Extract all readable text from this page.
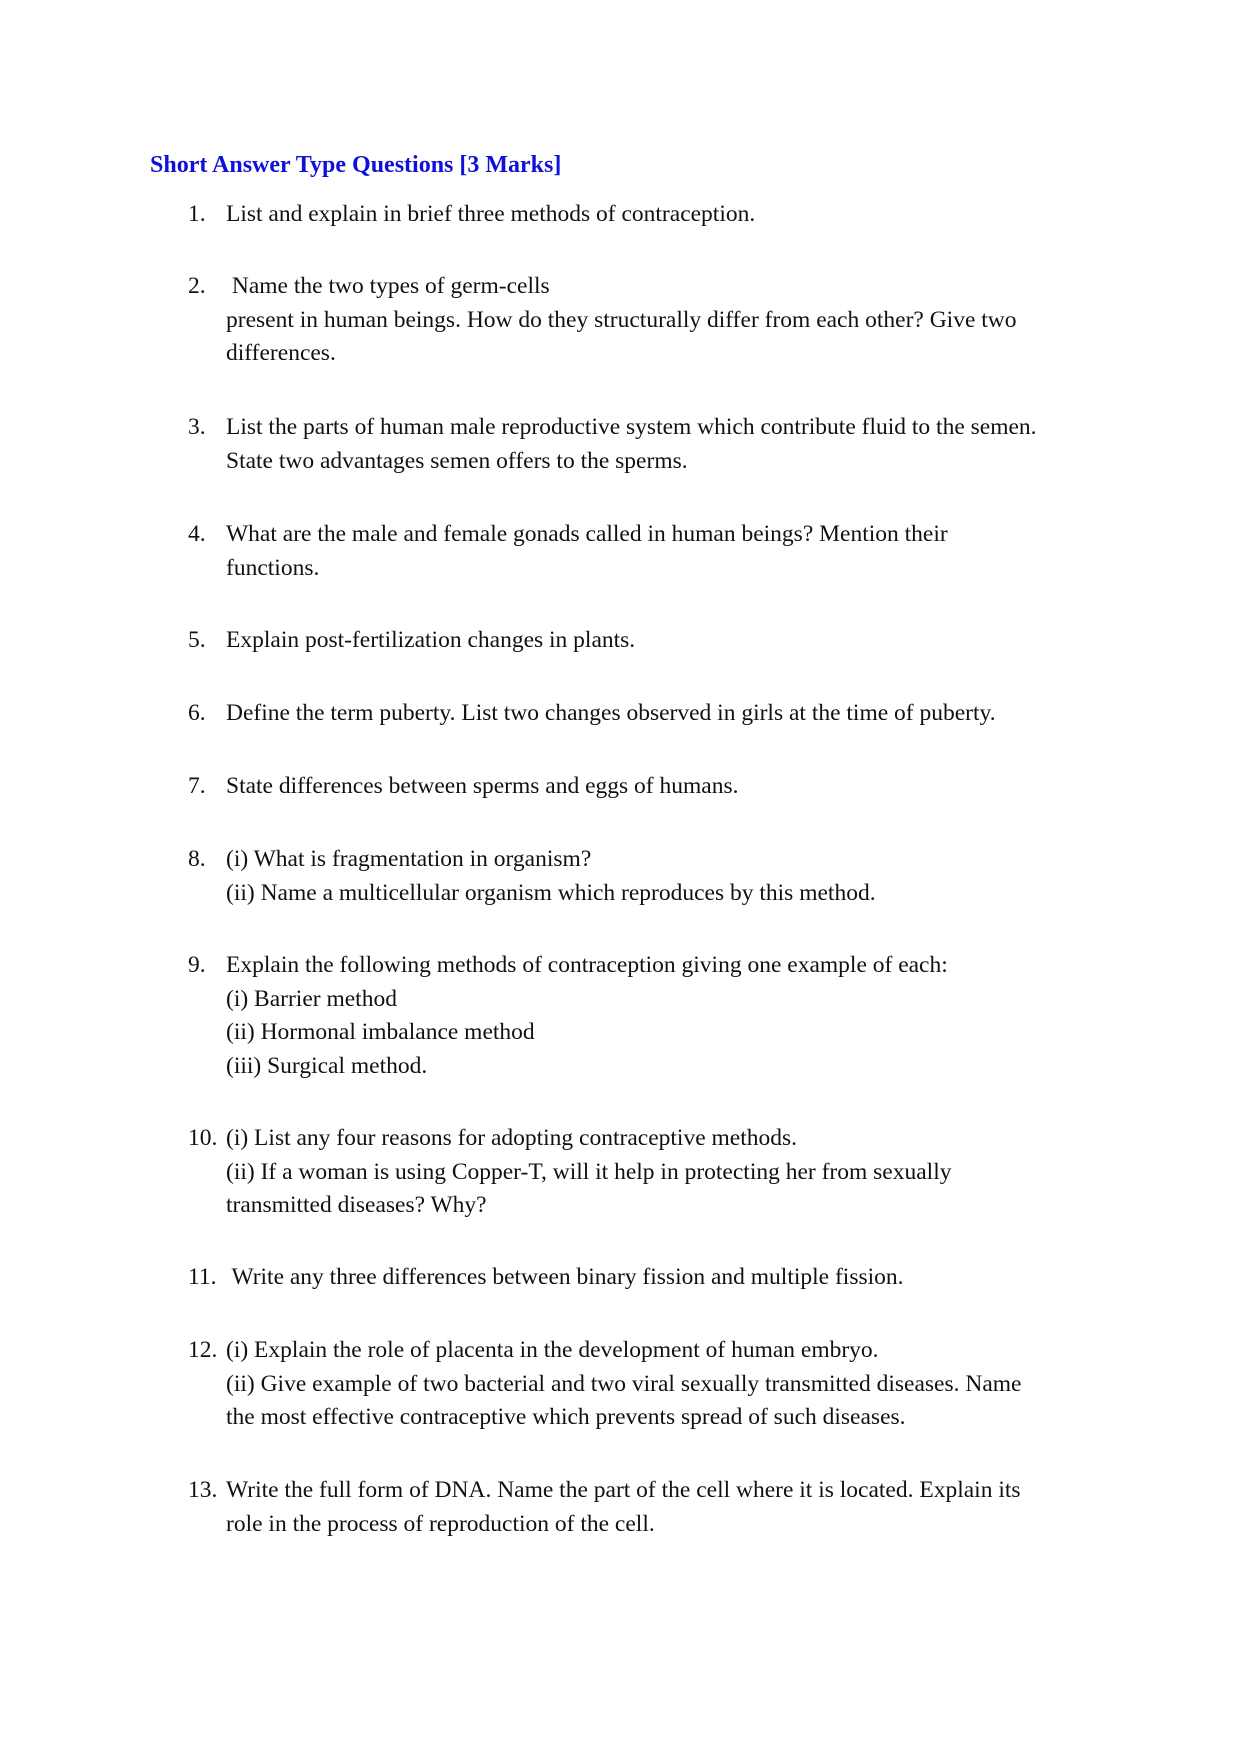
Short Answer Type Questions [3 Marks]
1. List and explain in brief three methods of contraception.
2. Name the two types of germ-cells
present in human beings. How do they structurally differ from each other? Give two
differences.
3. List the parts of human male reproductive system which contribute fluid to the semen.
State two advantages semen offers to the sperms.
4. What are the male and female gonads called in human beings? Mention their
functions.
5. Explain post-fertilization changes in plants.
6. Define the term puberty. List two changes observed in girls at the time of puberty.
7. State differences between sperms and eggs of humans.
8. (i) What is fragmentation in organism?
(ii) Name a multicellular organism which reproduces by this method.
9. Explain the following methods of contraception giving one example of each:
(i) Barrier method
(ii) Hormonal imbalance method
(iii) Surgical method.
10. (i) List any four reasons for adopting contraceptive methods.
(ii) If a woman is using Copper-T, will it help in protecting her from sexually
transmitted diseases? Why?
11. Write any three differences between binary fission and multiple fission.
12. (i) Explain the role of placenta in the development of human embryo.
(ii) Give example of two bacterial and two viral sexually transmitted diseases. Name
the most effective contraceptive which prevents spread of such diseases.
13. Write the full form of DNA. Name the part of the cell where it is located. Explain its
role in the process of reproduction of the cell.
